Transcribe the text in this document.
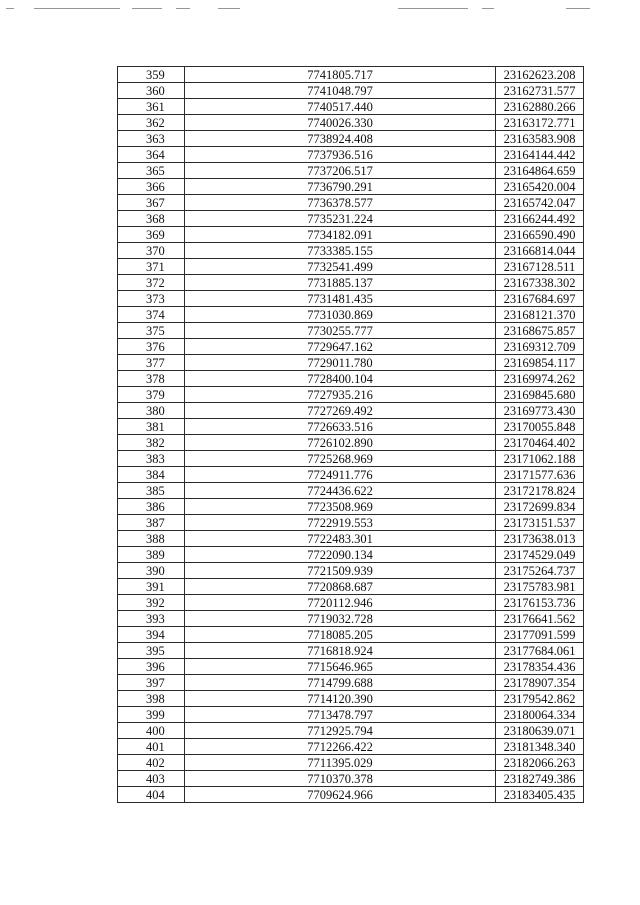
359	7741805.717	23162623.208
360	7741048.797	23162731.577
361	7740517.440	23162880.266
362	7740026.330	23163172.771
363	7738924.408	23163583.908
364	7737936.516	23164144.442
365	7737206.517	23164864.659
366	7736790.291	23165420.004
367	7736378.577	23165742.047
368	7735231.224	23166244.492
369	7734182.091	23166590.490
370	7733385.155	23166814.044
371	7732541.499	23167128.511
372	7731885.137	23167338.302
373	7731481.435	23167684.697
374	7731030.869	23168121.370
375	7730255.777	23168675.857
376	7729647.162	23169312.709
377	7729011.780	23169854.117
378	7728400.104	23169974.262
379	7727935.216	23169845.680
380	7727269.492	23169773.430
381	7726633.516	23170055.848
382	7726102.890	23170464.402
383	7725268.969	23171062.188
384	7724911.776	23171577.636
385	7724436.622	23172178.824
386	7723508.969	23172699.834
387	7722919.553	23173151.537
388	7722483.301	23173638.013
389	7722090.134	23174529.049
390	7721509.939	23175264.737
391	7720868.687	23175783.981
392	7720112.946	23176153.736
393	7719032.728	23176641.562
394	7718085.205	23177091.599
395	7716818.924	23177684.061
396	7715646.965	23178354.436
397	7714799.688	23178907.354
398	7714120.390	23179542.862
399	7713478.797	23180064.334
400	7712925.794	23180639.071
401	7712266.422	23181348.340
402	7711395.029	23182066.263
403	7710370.378	23182749.386
404	7709624.966	23183405.435
